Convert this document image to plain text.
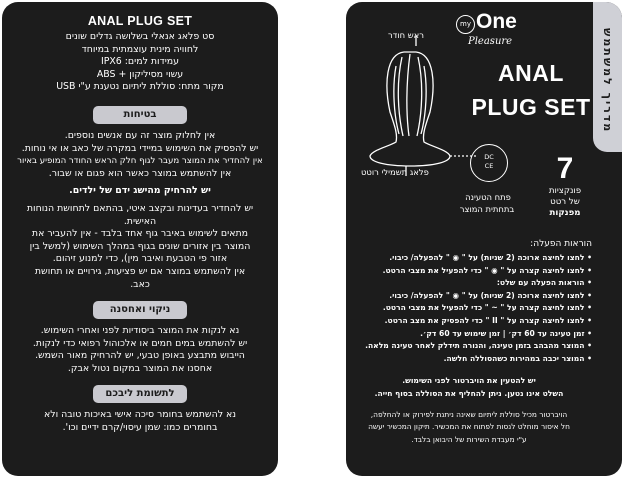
ANAL PLUG SET
סט פלאג אנאלי בשלושה גדלים שונים
לחוויה מינית עוצמתית במיוחד
עמידות למים: IPX6
עשוי מסיליקון + ABS
מקור מתח: סוללת ליתיום נטענת ע"י USB
בטיחות
אין לחלוק מוצר זה עם אנשים נוספים.
יש להפסיק את השימוש במיידי במקרה של כאב או אי נוחות.
אין להחדיר את המוצר מעבר לגוף חלק הראש החודר המופיע באיור
אין להשתמש במוצר כאשר הוא פגום או שבור.
יש להרחיק מהישג ידם של ילדים.
יש להחדיר בעדינות ובקצב איטי, בהתאם לתחושת הנוחות
האישית.
מתאים לשימוש באיבר גוף אחד בלבד - אין להעביר את
המוצר בין אזורים שונים בגוף במהלך השימוש (למשל בין
אזור פי הטבעת ואיבר מין), כדי למנוע זיהום.
אין להשתמש במוצר אם יש פציעות, גירויים או תחושת
כאב.
ניקוי ואחסנה
נא לנקות את המוצר ביסודיות לפני ואחרי השימוש.
יש להשתמש במים חמים או אלכוהול רפואי כדי לנקות.
הייבוש מתבצע באופן טבעי, יש להרחיק מאור השמש.
אחסנו את המוצר במקום נטול אבק.
לתשומת ליבכם
נא להשתמש בחומר סיכה אישי באיכות טובה ולא
בחומרים כמו: שמן עיסוי/קרם ידיים וכו'.
מדריך למשתמש
my One
Pleasure
ANAL
PLUG SET
ראש חודר
פלאג תשמילי רוטט
DC
CE
פתח הטעינה
בתחתית המוצר
7
פונקציות
של רטט
מפנקות
הוראות הפעלה:
• לחצו לחיצה ארוכה (2 שניות) על " ◉ " להפעלה/ כיבוי.
• לחצו לחיצה קצרה על " ◉ " כדי להפעיל את מצבי הרטט.
• הוראות הפעלה עם שלט:
• לחצו לחיצה ארוכה (2 שניות) על " ◉ " להפעלה/ כיבוי.
• לחצו לחיצה קצרה על " ~ " כדי להפעיל את מצבי הרטט.
• לחצו לחיצה קצרה על " II " כדי להפסיק את מצב הרטט.
• זמן טעינה עד 60 דק׳ | זמן שימוש עד 60 דק׳.
• המוצר מהבהב בזמן טעינה, והנורה תידלק לאחר טעינה מלאה.
• המוצר יכבה במהירות כשהסוללה חלשה.
יש להטעין את הויברטור לפני השימוש.
השלט אינו נטען. ניתן להחליף את הסוללה בסוף חייה.
הויברטור מכיל סוללת ליתיום שאינה ניתנת לפירוק או להחלפה,
חל איסור מוחלט לנסות לפתוח את המכשיר. תיקון המכשיר יעשה
ע"י מעבדת השירות של היבואן בלבד.
